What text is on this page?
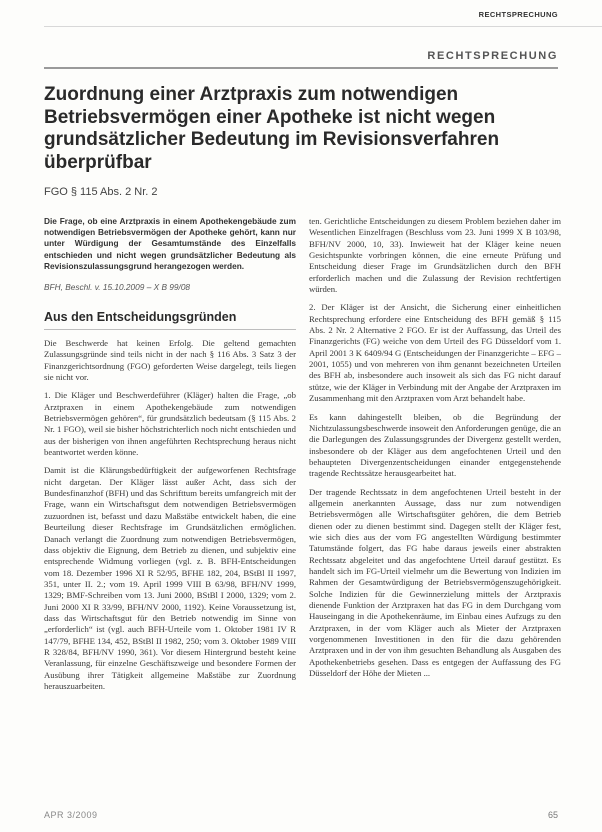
RECHTSPRECHUNG
RECHTSPRECHUNG
Zuordnung einer Arztpraxis zum notwendigen Betriebsvermögen einer Apotheke ist nicht wegen grundsätzlicher Bedeutung im Revisionsverfahren überprüfbar
FGO § 115 Abs. 2 Nr. 2

Die Frage, ob eine Arztpraxis in einem Apothekengebäude zum notwendigen Betriebsvermögen der Apotheke gehört, kann nur unter Würdigung der Gesamtumstände des Einzelfalls entschieden und nicht wegen grundsätzlicher Bedeutung als Revisionszulassungsgrund herangezogen werden.

BFH, Beschl. v. 15.10.2009 – X B 99/08

Aus den Entscheidungsgründen

Die Beschwerde hat keinen Erfolg. Die geltend gemachten Zulassungsgründe sind teils nicht in der nach § 116 Abs. 3 Satz 3 der Finanzgerichtsordnung (FGO) geforderten Weise dargelegt, teils liegen sie nicht vor.

1. Die Kläger und Beschwerdeführer (Kläger) halten die Frage, „ob Arztpraxen in einem Apothekengebäude zum notwendigen Betriebsvermögen gehören“, für grundsätzlich bedeutsam (§ 115 Abs. 2 Nr. 1 FGO), weil sie bisher höchstrichterlich noch nicht entschieden und aus der bisherigen von ihnen angeführten Rechtsprechung heraus nicht beantwortet werden könne.

Damit ist die Klärungsbedürftigkeit der aufgeworfenen Rechtsfrage nicht dargetan. Der Kläger lässt außer Acht, dass sich der Bundesfinanzhof (BFH) und das Schrifttum bereits umfangreich mit der Frage, wann ein Wirtschaftsgut dem notwendigen Betriebsvermögen zuzuordnen ist, befasst und dazu Maßstäbe entwickelt haben, die eine Beurteilung dieser Rechtsfrage im Grundsätzlichen ermöglichen. Danach verlangt die Zuordnung zum notwendigen Betriebsvermögen, dass objektiv die Eignung, dem Betrieb zu dienen, und subjektiv eine entsprechende Widmung vorliegen (vgl. z. B. BFH-Entscheidungen vom 18. Dezember 1996 XI R 52/95, BFHE 182, 204, BStBl II 1997, 351, unter II. 2.; vom 19. April 1999 VIII B 63/98, BFH/NV 1999, 1329; BMF-Schreiben vom 13. Juni 2000, BStBl I 2000, 1329; vom 2. Juni 2000 XI R 33/99, BFH/NV 2000, 1192). Keine Voraussetzung ist, dass das Wirtschaftsgut für den Betrieb notwendig im Sinne von „erforderlich“ ist (vgl. auch BFH-Urteile vom 1. Oktober 1981 IV R 147/79, BFHE 134, 452, BStBl II 1982, 250; vom 3. Oktober 1989 VIII R 328/84, BFH/NV 1990, 361). Vor diesem Hintergrund besteht keine Veranlassung, für einzelne Geschäftszweige und besondere Formen der Ausübung ihrer Tätigkeit allgemeine Maßstäbe zur Zuordnung herauszuarbeiten.

ten. Gerichtliche Entscheidungen zu diesem Problem beziehen daher im Wesentlichen Einzelfragen (Beschluss vom 23. Juni 1999 X B 103/98, BFH/NV 2000, 10, 33). Inwieweit hat der Kläger keine neuen Gesichtspunkte vorbringen können, die eine erneute Prüfung und Entscheidung dieser Frage im Grundsätzlichen durch den BFH erforderlich machen und die Zulassung der Revision rechtfertigen würden.

2. Der Kläger ist der Ansicht, die Sicherung einer einheitlichen Rechtsprechung erfordere eine Entscheidung des BFH gemäß § 115 Abs. 2 Nr. 2 Alternative 2 FGO. Er ist der Auffassung, das Urteil des Finanzgerichts (FG) weiche von dem Urteil des FG Düsseldorf vom 1. April 2001 3 K 6409/94 G (Entscheidungen der Finanzgerichte – EFG – 2001, 1055) und von mehreren von ihm genannt bezeichneten Urteilen des BFH ab, insbesondere auch insoweit als sich das FG nicht darauf stütze, wie der Kläger in Verbindung mit der Angabe der Arztpraxen im Zusammenhang mit den Arztpraxen vom Arzt behandelt habe.

Es kann dahingestellt bleiben, ob die Begründung der Nichtzulassungsbeschwerde insoweit den Anforderungen genüge, die an die Darlegungen des Zulassungsgrundes der Divergenz gestellt werden, insbesondere ob der Kläger aus dem angefochtenen Urteil und den behaupteten Divergenzentscheidungen einander entgegenstehende tragende Rechtssätze herausgearbeitet hat.

Der tragende Rechtssatz in dem angefochtenen Urteil besteht in der allgemein anerkannten Aussage, dass nur zum notwendigen Betriebsvermögen alle Wirtschaftsgüter gehören, die dem Betrieb dienen oder zu dienen bestimmt sind. Dagegen stellt der Kläger fest, wie sich dies aus der vom FG angestellten Würdigung bestimmter Tatumstände folgert, das FG habe daraus jeweils einer abstrakten Rechtssatz abgeleitet und das angefochtene Urteil darauf gestützt. Es handelt sich im FG-Urteil vielmehr um die Bewertung von Indizien im Rahmen der Gesamtwürdigung der Betriebsvermögenszugehörigkeit. Solche Indizien für die Gewinnerzielung mittels der Arztpraxis dienende Funktion der Arztpraxen hat das FG in dem Durchgang vom Hauseingang in die Apothekenräume, im Einbau eines Aufzugs zu den Arztpraxen, in der vom Kläger auch als Mieter der Arztpraxen vorgenommenen Investitionen in den für die dazu gehörenden Arztpraxen und in der von ihm gesuchten Behandlung als Ausgaben des Apothekenbetriebs gesehen. Dass es entgegen der Auffassung des FG Düsseldorf der Höhe der Mieten ...

APR 3/2009	65
